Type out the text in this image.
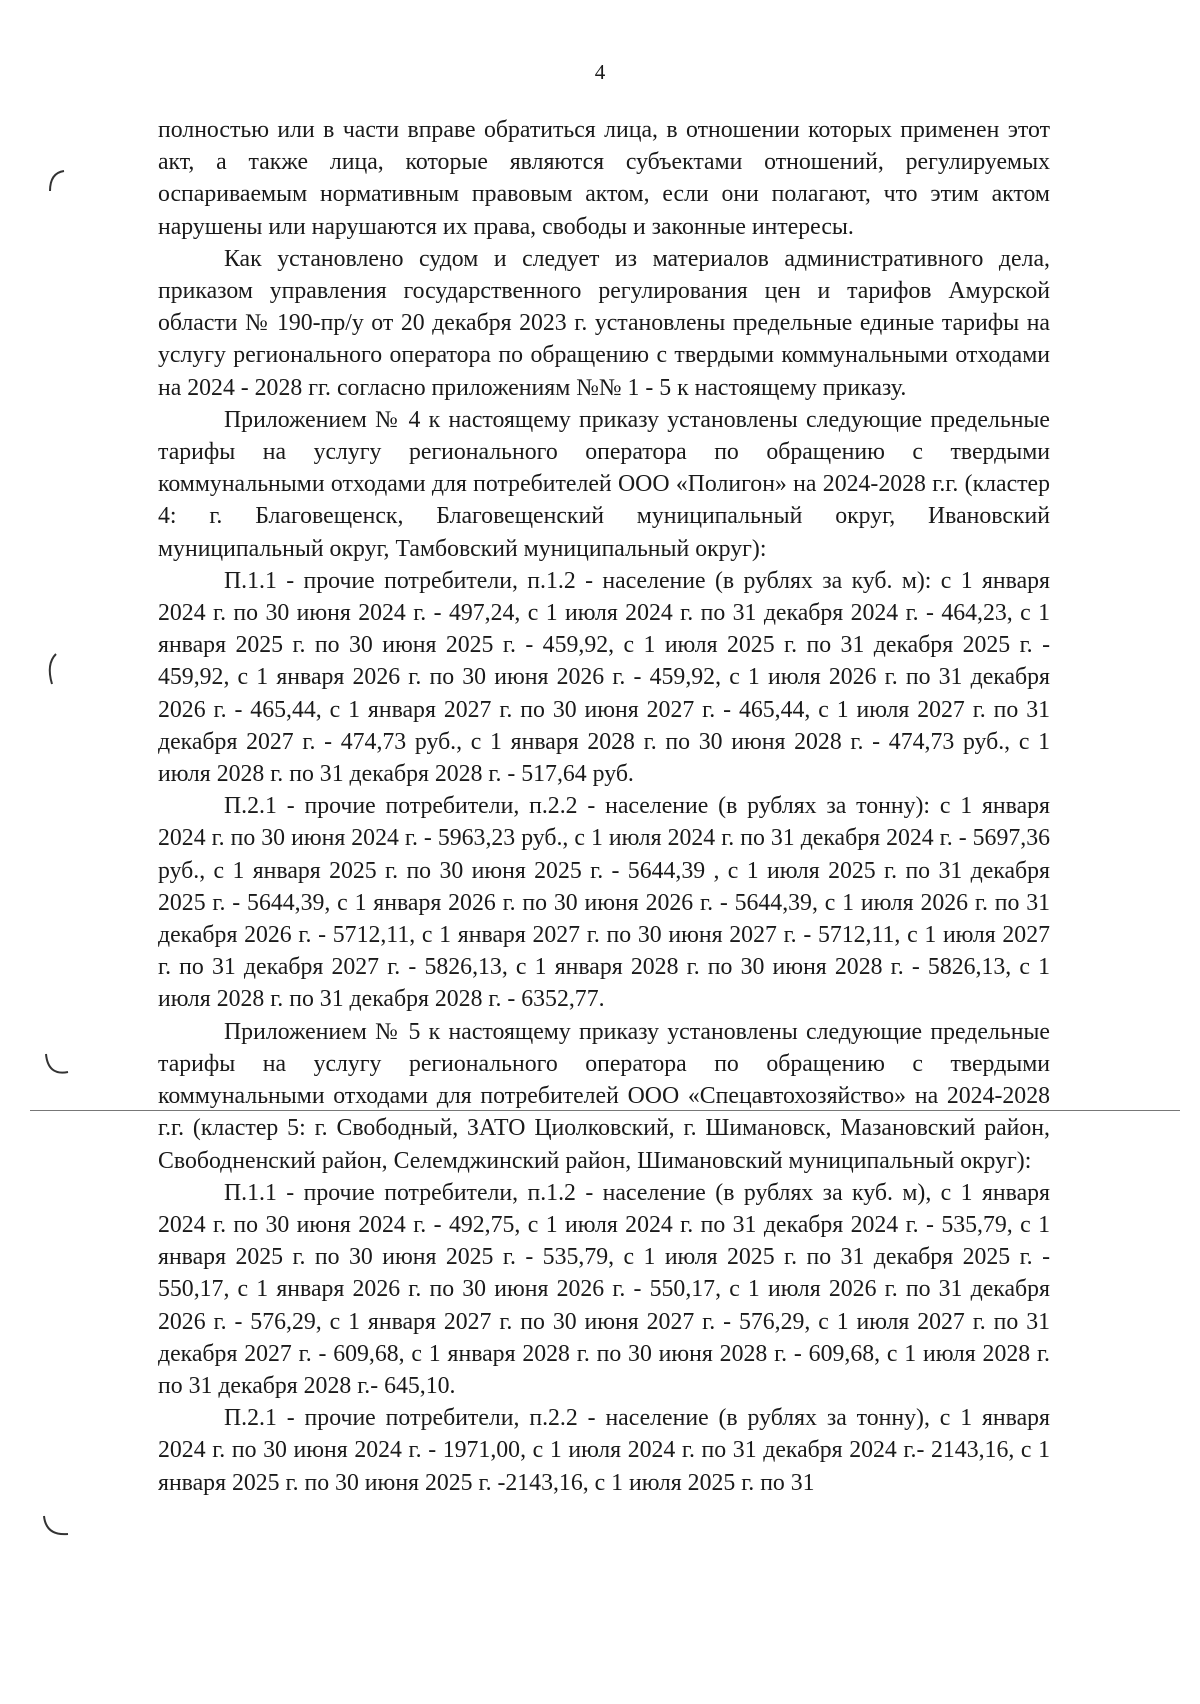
4

полностью или в части вправе обратиться лица, в отношении которых применен этот акт, а также лица, которые являются субъектами отношений, регулируемых оспариваемым нормативным правовым актом, если они полагают, что этим актом нарушены или нарушаются их права, свободы и законные интересы.

Как установлено судом и следует из материалов административного дела, приказом управления государственного регулирования цен и тарифов Амурской области № 190-пр/у от 20 декабря 2023 г. установлены предельные единые тарифы на услугу регионального оператора по обращению с твердыми коммунальными отходами на 2024 - 2028 гг. согласно приложениям №№ 1 - 5 к настоящему приказу.

Приложением № 4 к настоящему приказу установлены следующие предельные тарифы на услугу регионального оператора по обращению с твердыми коммунальными отходами для потребителей ООО «Полигон» на 2024-2028 г.г. (кластер 4: г. Благовещенск, Благовещенский муниципальный округ, Ивановский муниципальный округ, Тамбовский муниципальный округ):

П.1.1 - прочие потребители, п.1.2 - население (в рублях за куб. м): с 1 января 2024 г. по 30 июня 2024 г. - 497,24, с 1 июля 2024 г. по 31 декабря 2024 г. - 464,23, с 1 января 2025 г. по 30 июня 2025 г. - 459,92, с 1 июля 2025 г. по 31 декабря 2025 г. - 459,92, с 1 января 2026 г. по 30 июня 2026 г. - 459,92, с 1 июля 2026 г. по 31 декабря 2026 г. - 465,44, с 1 января 2027 г. по 30 июня 2027 г. - 465,44, с 1 июля 2027 г. по 31 декабря 2027 г. - 474,73 руб., с 1 января 2028 г. по 30 июня 2028 г. - 474,73 руб., с 1 июля 2028 г. по 31 декабря 2028 г. - 517,64 руб.

П.2.1 - прочие потребители, п.2.2 - население (в рублях за тонну): с 1 января 2024 г. по 30 июня 2024 г. - 5963,23 руб., с 1 июля 2024 г. по 31 декабря 2024 г. - 5697,36 руб., с 1 января 2025 г. по 30 июня 2025 г. - 5644,39 , с 1 июля 2025 г. по 31 декабря 2025 г. - 5644,39, с 1 января 2026 г. по 30 июня 2026 г. - 5644,39, с 1 июля 2026 г. по 31 декабря 2026 г. - 5712,11, с 1 января 2027 г. по 30 июня 2027 г. - 5712,11, с 1 июля 2027 г. по 31 декабря 2027 г. - 5826,13, с 1 января 2028 г. по 30 июня 2028 г. - 5826,13, с 1 июля 2028 г. по 31 декабря 2028 г. - 6352,77.

Приложением № 5 к настоящему приказу установлены следующие предельные тарифы на услугу регионального оператора по обращению с твердыми коммунальными отходами для потребителей ООО «Спецавтохозяйство» на 2024-2028 г.г. (кластер 5: г. Свободный, ЗАТО Циолковский, г. Шимановск, Мазановский район, Свободненский район, Селемджинский район, Шимановский муниципальный округ):

П.1.1 - прочие потребители, п.1.2 - население (в рублях за куб. м), с 1 января 2024 г. по 30 июня 2024 г. - 492,75, с 1 июля 2024 г. по 31 декабря 2024 г. - 535,79, с 1 января 2025 г. по 30 июня 2025 г. - 535,79, с 1 июля 2025 г. по 31 декабря 2025 г. - 550,17, с 1 января 2026 г. по 30 июня 2026 г. - 550,17, с 1 июля 2026 г. по 31 декабря 2026 г. - 576,29, с 1 января 2027 г. по 30 июня 2027 г. - 576,29, с 1 июля 2027 г. по 31 декабря 2027 г. - 609,68, с 1 января 2028 г. по 30 июня 2028 г. - 609,68, с 1 июля 2028 г. по 31 декабря 2028 г.- 645,10.

П.2.1 - прочие потребители, п.2.2 - население (в рублях за тонну), с 1 января 2024 г. по 30 июня 2024 г. - 1971,00, с 1 июля 2024 г. по 31 декабря 2024 г.- 2143,16, с 1 января 2025 г. по 30 июня 2025 г. -2143,16, с 1 июля 2025 г. по 31
